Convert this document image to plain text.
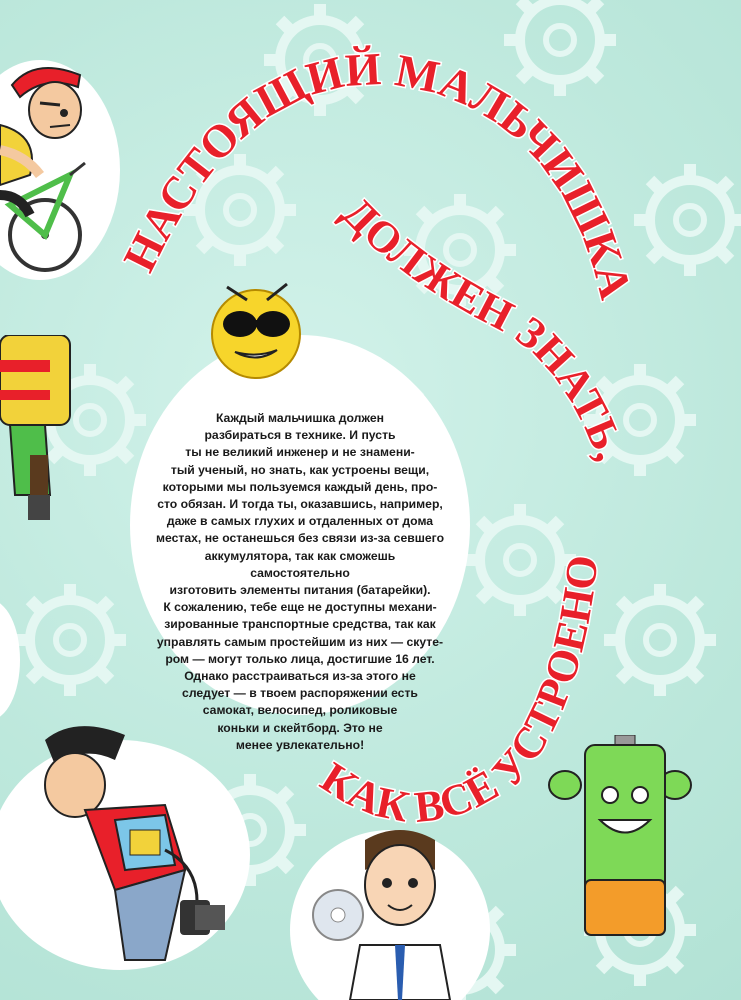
Каждый мальчишка должен
разбираться в технике. И пусть
ты не великий инженер и не знамени-
тый ученый, но знать, как устроены вещи,
которыми мы пользуемся каждый день, про-
сто обязан. И тогда ты, оказавшись, например,
даже в самых глухих и отдаленных от дома
местах, не останешься без связи из-за севшего
аккумулятора, так как сможешь самостоятельно
изготовить элементы питания (батарейки).

К сожалению, тебе еще не доступны механи-
зированные транспортные средства, так как
управлять самым простейшим из них — скуте-
ром — могут только лица, достигшие 16 лет.

Однако расстраиваться из-за этого не
следует — в твоем распоряжении есть
самокат, велосипед, роликовые
коньки и скейтборд. Это не
менее увлекательно!

НАСТОЯЩИЙ МАЛЬЧИШКА
ДОЛЖЕН ЗНАТЬ,
КАК ВСЁ УСТРОЕНО
